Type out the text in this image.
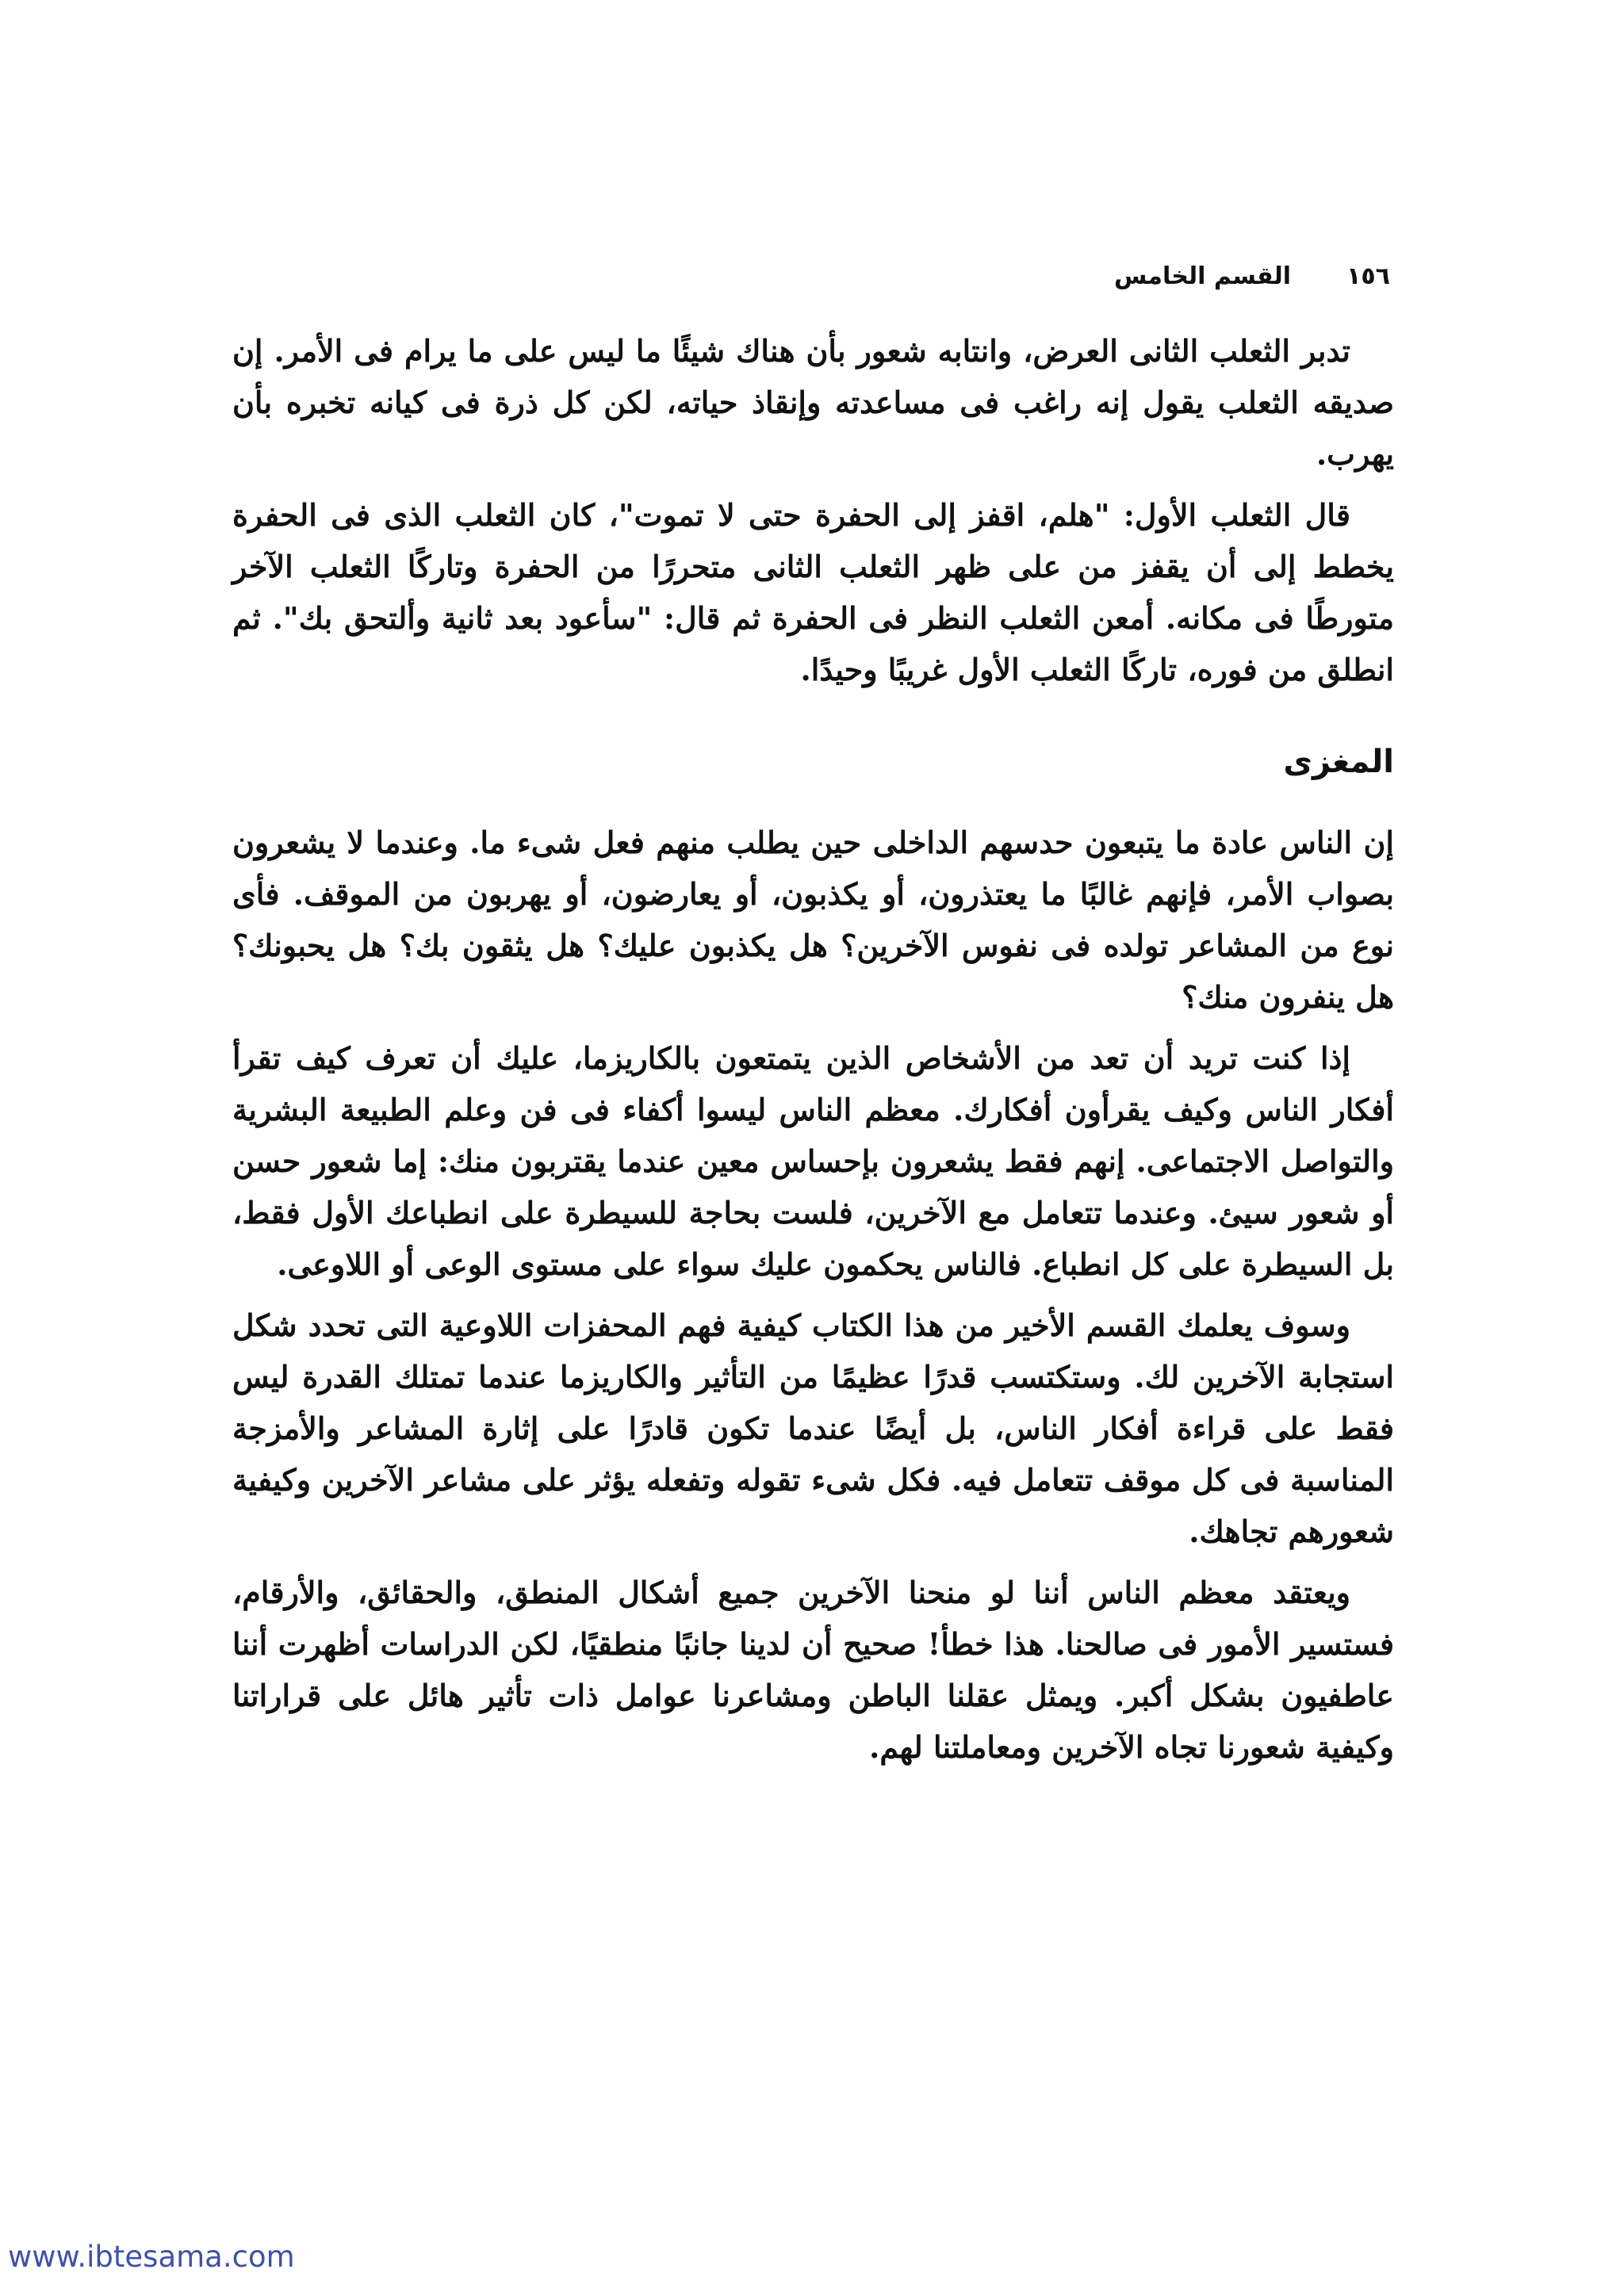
١٥٦
القسم الخامس

تدبر الثعلب الثانى العرض، وانتابه شعور بأن هناك شيئًا ما ليس على ما يرام فى الأمر. إن صديقه الثعلب يقول إنه راغب فى مساعدته وإنقاذ حياته، لكن كل ذرة فى كيانه تخبره بأن يهرب.

قال الثعلب الأول: "هلم، اقفز إلى الحفرة حتى لا تموت"، كان الثعلب الذى فى الحفرة يخطط إلى أن يقفز من على ظهر الثعلب الثانى متحررًا من الحفرة وتاركًا الثعلب الآخر متورطًا فى مكانه. أمعن الثعلب النظر فى الحفرة ثم قال: "سأعود بعد ثانية وألتحق بك". ثم انطلق من فوره، تاركًا الثعلب الأول غريبًا وحيدًا.

المغزى

إن الناس عادة ما يتبعون حدسهم الداخلى حين يطلب منهم فعل شىء ما. وعندما لا يشعرون بصواب الأمر، فإنهم غالبًا ما يعتذرون، أو يكذبون، أو يعارضون، أو يهربون من الموقف. فأى نوع من المشاعر تولده فى نفوس الآخرين؟ هل يكذبون عليك؟ هل يثقون بك؟ هل يحبونك؟ هل ينفرون منك؟

إذا كنت تريد أن تعد من الأشخاص الذين يتمتعون بالكاريزما، عليك أن تعرف كيف تقرأ أفكار الناس وكيف يقرأون أفكارك. معظم الناس ليسوا أكفاء فى فن وعلم الطبيعة البشرية والتواصل الاجتماعى. إنهم فقط يشعرون بإحساس معين عندما يقتربون منك: إما شعور حسن أو شعور سيئ. وعندما تتعامل مع الآخرين، فلست بحاجة للسيطرة على انطباعك الأول فقط، بل السيطرة على كل انطباع. فالناس يحكمون عليك سواء على مستوى الوعى أو اللاوعى.

وسوف يعلمك القسم الأخير من هذا الكتاب كيفية فهم المحفزات اللاوعية التى تحدد شكل استجابة الآخرين لك. وستكتسب قدرًا عظيمًا من التأثير والكاريزما عندما تمتلك القدرة ليس فقط على قراءة أفكار الناس، بل أيضًا عندما تكون قادرًا على إثارة المشاعر والأمزجة المناسبة فى كل موقف تتعامل فيه. فكل شىء تقوله وتفعله يؤثر على مشاعر الآخرين وكيفية شعورهم تجاهك.

ويعتقد معظم الناس أننا لو منحنا الآخرين جميع أشكال المنطق، والحقائق، والأرقام، فستسير الأمور فى صالحنا. هذا خطأ! صحيح أن لدينا جانبًا منطقيًا، لكن الدراسات أظهرت أننا عاطفيون بشكل أكبر. ويمثل عقلنا الباطن ومشاعرنا عوامل ذات تأثير هائل على قراراتنا وكيفية شعورنا تجاه الآخرين ومعاملتنا لهم.

www.ibtesama.com
